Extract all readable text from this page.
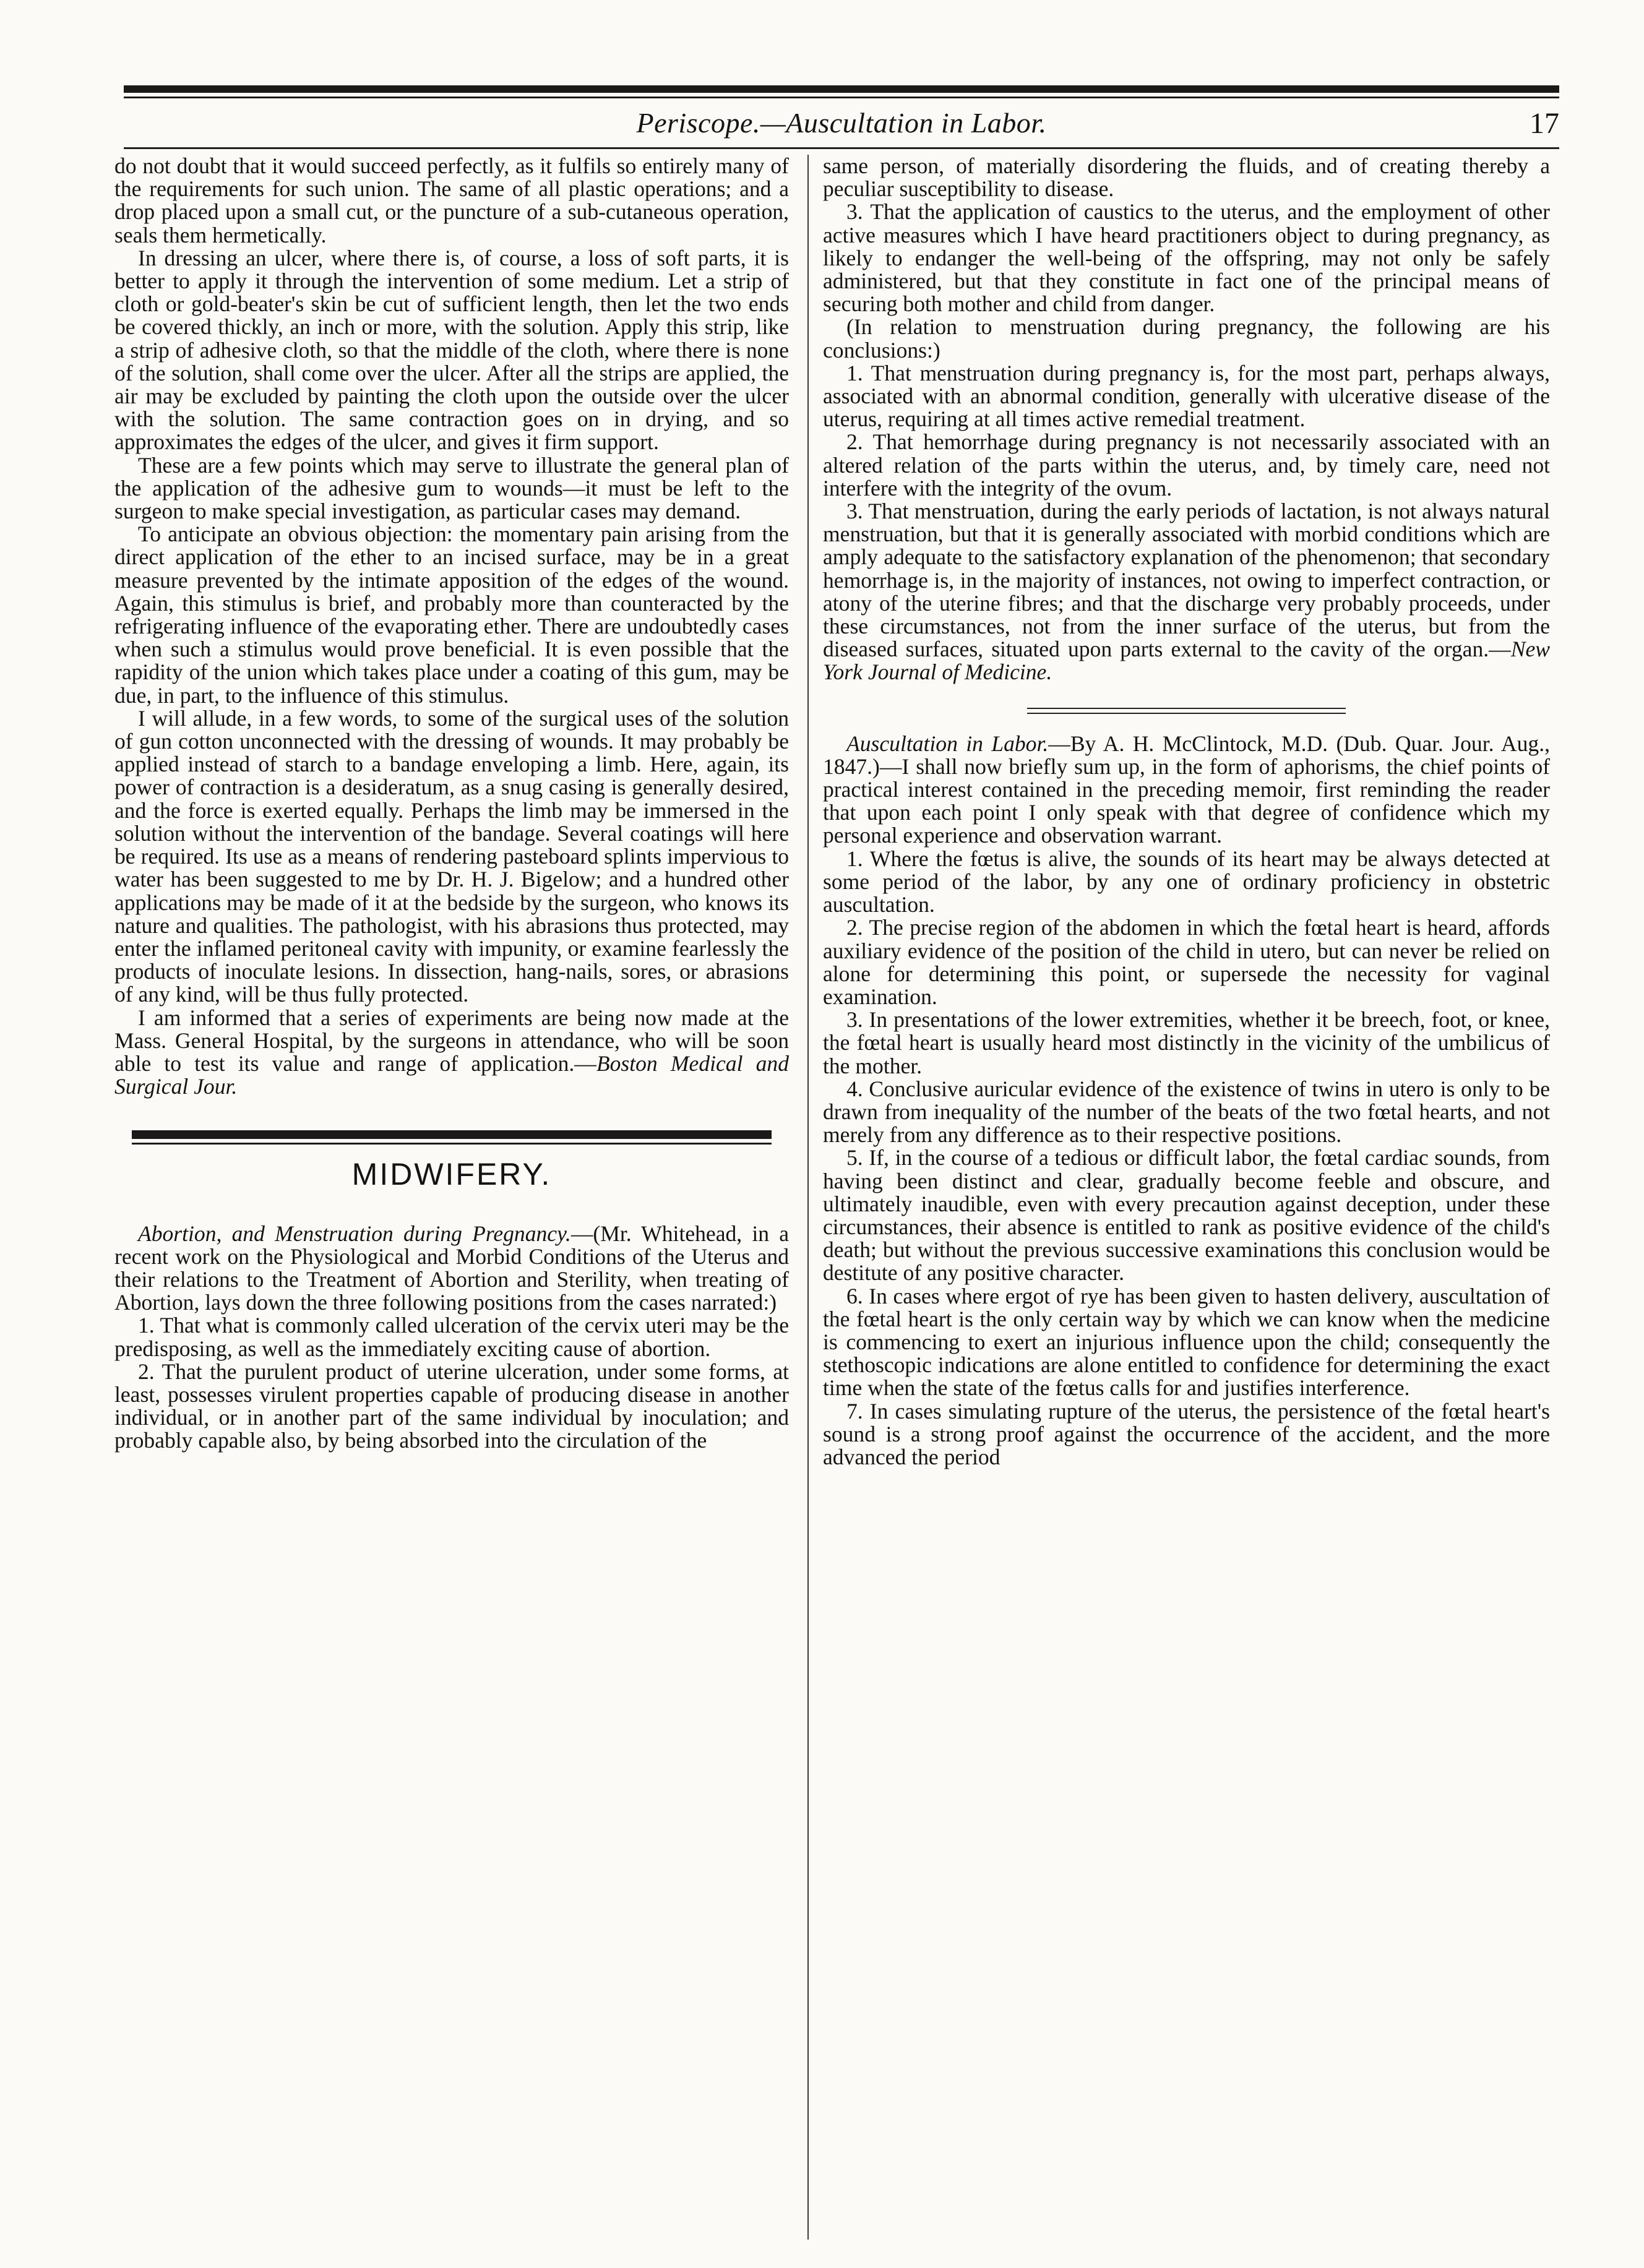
Periscope.—Auscultation in Labor.	17

do not doubt that it would succeed perfectly, as it fulfils so entirely many of the requirements for such union. The same of all plastic operations; and a drop placed upon a small cut, or the puncture of a sub-cutaneous operation, seals them hermetically.

In dressing an ulcer, where there is, of course, a loss of soft parts, it is better to apply it through the intervention of some medium. Let a strip of cloth or gold-beater's skin be cut of sufficient length, then let the two ends be covered thickly, an inch or more, with the solution. Apply this strip, like a strip of adhesive cloth, so that the middle of the cloth, where there is none of the solution, shall come over the ulcer. After all the strips are applied, the air may be excluded by painting the cloth upon the outside over the ulcer with the solution. The same contraction goes on in drying, and so approximates the edges of the ulcer, and gives it firm support.

These are a few points which may serve to illustrate the general plan of the application of the adhesive gum to wounds—it must be left to the surgeon to make special investigation, as particular cases may demand.

To anticipate an obvious objection: the momentary pain arising from the direct application of the ether to an incised surface, may be in a great measure prevented by the intimate apposition of the edges of the wound. Again, this stimulus is brief, and probably more than counteracted by the refrigerating influence of the evaporating ether. There are undoubtedly cases when such a stimulus would prove beneficial. It is even possible that the rapidity of the union which takes place under a coating of this gum, may be due, in part, to the influence of this stimulus.

I will allude, in a few words, to some of the surgical uses of the solution of gun cotton unconnected with the dressing of wounds. It may probably be applied instead of starch to a bandage enveloping a limb. Here, again, its power of contraction is a desideratum, as a snug casing is generally desired, and the force is exerted equally. Perhaps the limb may be immersed in the solution without the intervention of the bandage. Several coatings will here be required. Its use as a means of rendering pasteboard splints impervious to water has been suggested to me by Dr. H. J. Bigelow; and a hundred other applications may be made of it at the bedside by the surgeon, who knows its nature and qualities. The pathologist, with his abrasions thus protected, may enter the inflamed peritoneal cavity with impunity, or examine fearlessly the products of inoculate lesions. In dissection, hang-nails, sores, or abrasions of any kind, will be thus fully protected.

I am informed that a series of experiments are being now made at the Mass. General Hospital, by the surgeons in attendance, who will be soon able to test its value and range of application.—Boston Medical and Surgical Jour.

MIDWIFERY.

Abortion, and Menstruation during Pregnancy.—(Mr. Whitehead, in a recent work on the Physiological and Morbid Conditions of the Uterus and their relations to the Treatment of Abortion and Sterility, when treating of Abortion, lays down the three following positions from the cases narrated:)

1. That what is commonly called ulceration of the cervix uteri may be the predisposing, as well as the immediately exciting cause of abortion.

2. That the purulent product of uterine ulceration, under some forms, at least, possesses virulent properties capable of producing disease in another individual, or in another part of the same individual by inoculation; and probably capable also, by being absorbed into the circulation of the

same person, of materially disordering the fluids, and of creating thereby a peculiar susceptibility to disease.

3. That the application of caustics to the uterus, and the employment of other active measures which I have heard practitioners object to during pregnancy, as likely to endanger the well-being of the offspring, may not only be safely administered, but that they constitute in fact one of the principal means of securing both mother and child from danger.

(In relation to menstruation during pregnancy, the following are his conclusions:)

1. That menstruation during pregnancy is, for the most part, perhaps always, associated with an abnormal condition, generally with ulcerative disease of the uterus, requiring at all times active remedial treatment.

2. That hemorrhage during pregnancy is not necessarily associated with an altered relation of the parts within the uterus, and, by timely care, need not interfere with the integrity of the ovum.

3. That menstruation, during the early periods of lactation, is not always natural menstruation, but that it is generally associated with morbid conditions which are amply adequate to the satisfactory explanation of the phenomenon; that secondary hemorrhage is, in the majority of instances, not owing to imperfect contraction, or atony of the uterine fibres; and that the discharge very probably proceeds, under these circumstances, not from the inner surface of the uterus, but from the diseased surfaces, situated upon parts external to the cavity of the organ.—New York Journal of Medicine.

Auscultation in Labor.—By A. H. McClintock, M.D. (Dub. Quar. Jour. Aug., 1847.)—I shall now briefly sum up, in the form of aphorisms, the chief points of practical interest contained in the preceding memoir, first reminding the reader that upon each point I only speak with that degree of confidence which my personal experience and observation warrant.

1. Where the fœtus is alive, the sounds of its heart may be always detected at some period of the labor, by any one of ordinary proficiency in obstetric auscultation.

2. The precise region of the abdomen in which the fœtal heart is heard, affords auxiliary evidence of the position of the child in utero, but can never be relied on alone for determining this point, or supersede the necessity for vaginal examination.

3. In presentations of the lower extremities, whether it be breech, foot, or knee, the fœtal heart is usually heard most distinctly in the vicinity of the umbilicus of the mother.

4. Conclusive auricular evidence of the existence of twins in utero is only to be drawn from inequality of the number of the beats of the two fœtal hearts, and not merely from any difference as to their respective positions.

5. If, in the course of a tedious or difficult labor, the fœtal cardiac sounds, from having been distinct and clear, gradually become feeble and obscure, and ultimately inaudible, even with every precaution against deception, under these circumstances, their absence is entitled to rank as positive evidence of the child's death; but without the previous successive examinations this conclusion would be destitute of any positive character.

6. In cases where ergot of rye has been given to hasten delivery, auscultation of the fœtal heart is the only certain way by which we can know when the medicine is commencing to exert an injurious influence upon the child; consequently the stethoscopic indications are alone entitled to confidence for determining the exact time when the state of the fœtus calls for and justifies interference.

7. In cases simulating rupture of the uterus, the persistence of the fœtal heart's sound is a strong proof against the occurrence of the accident, and the more advanced the period
